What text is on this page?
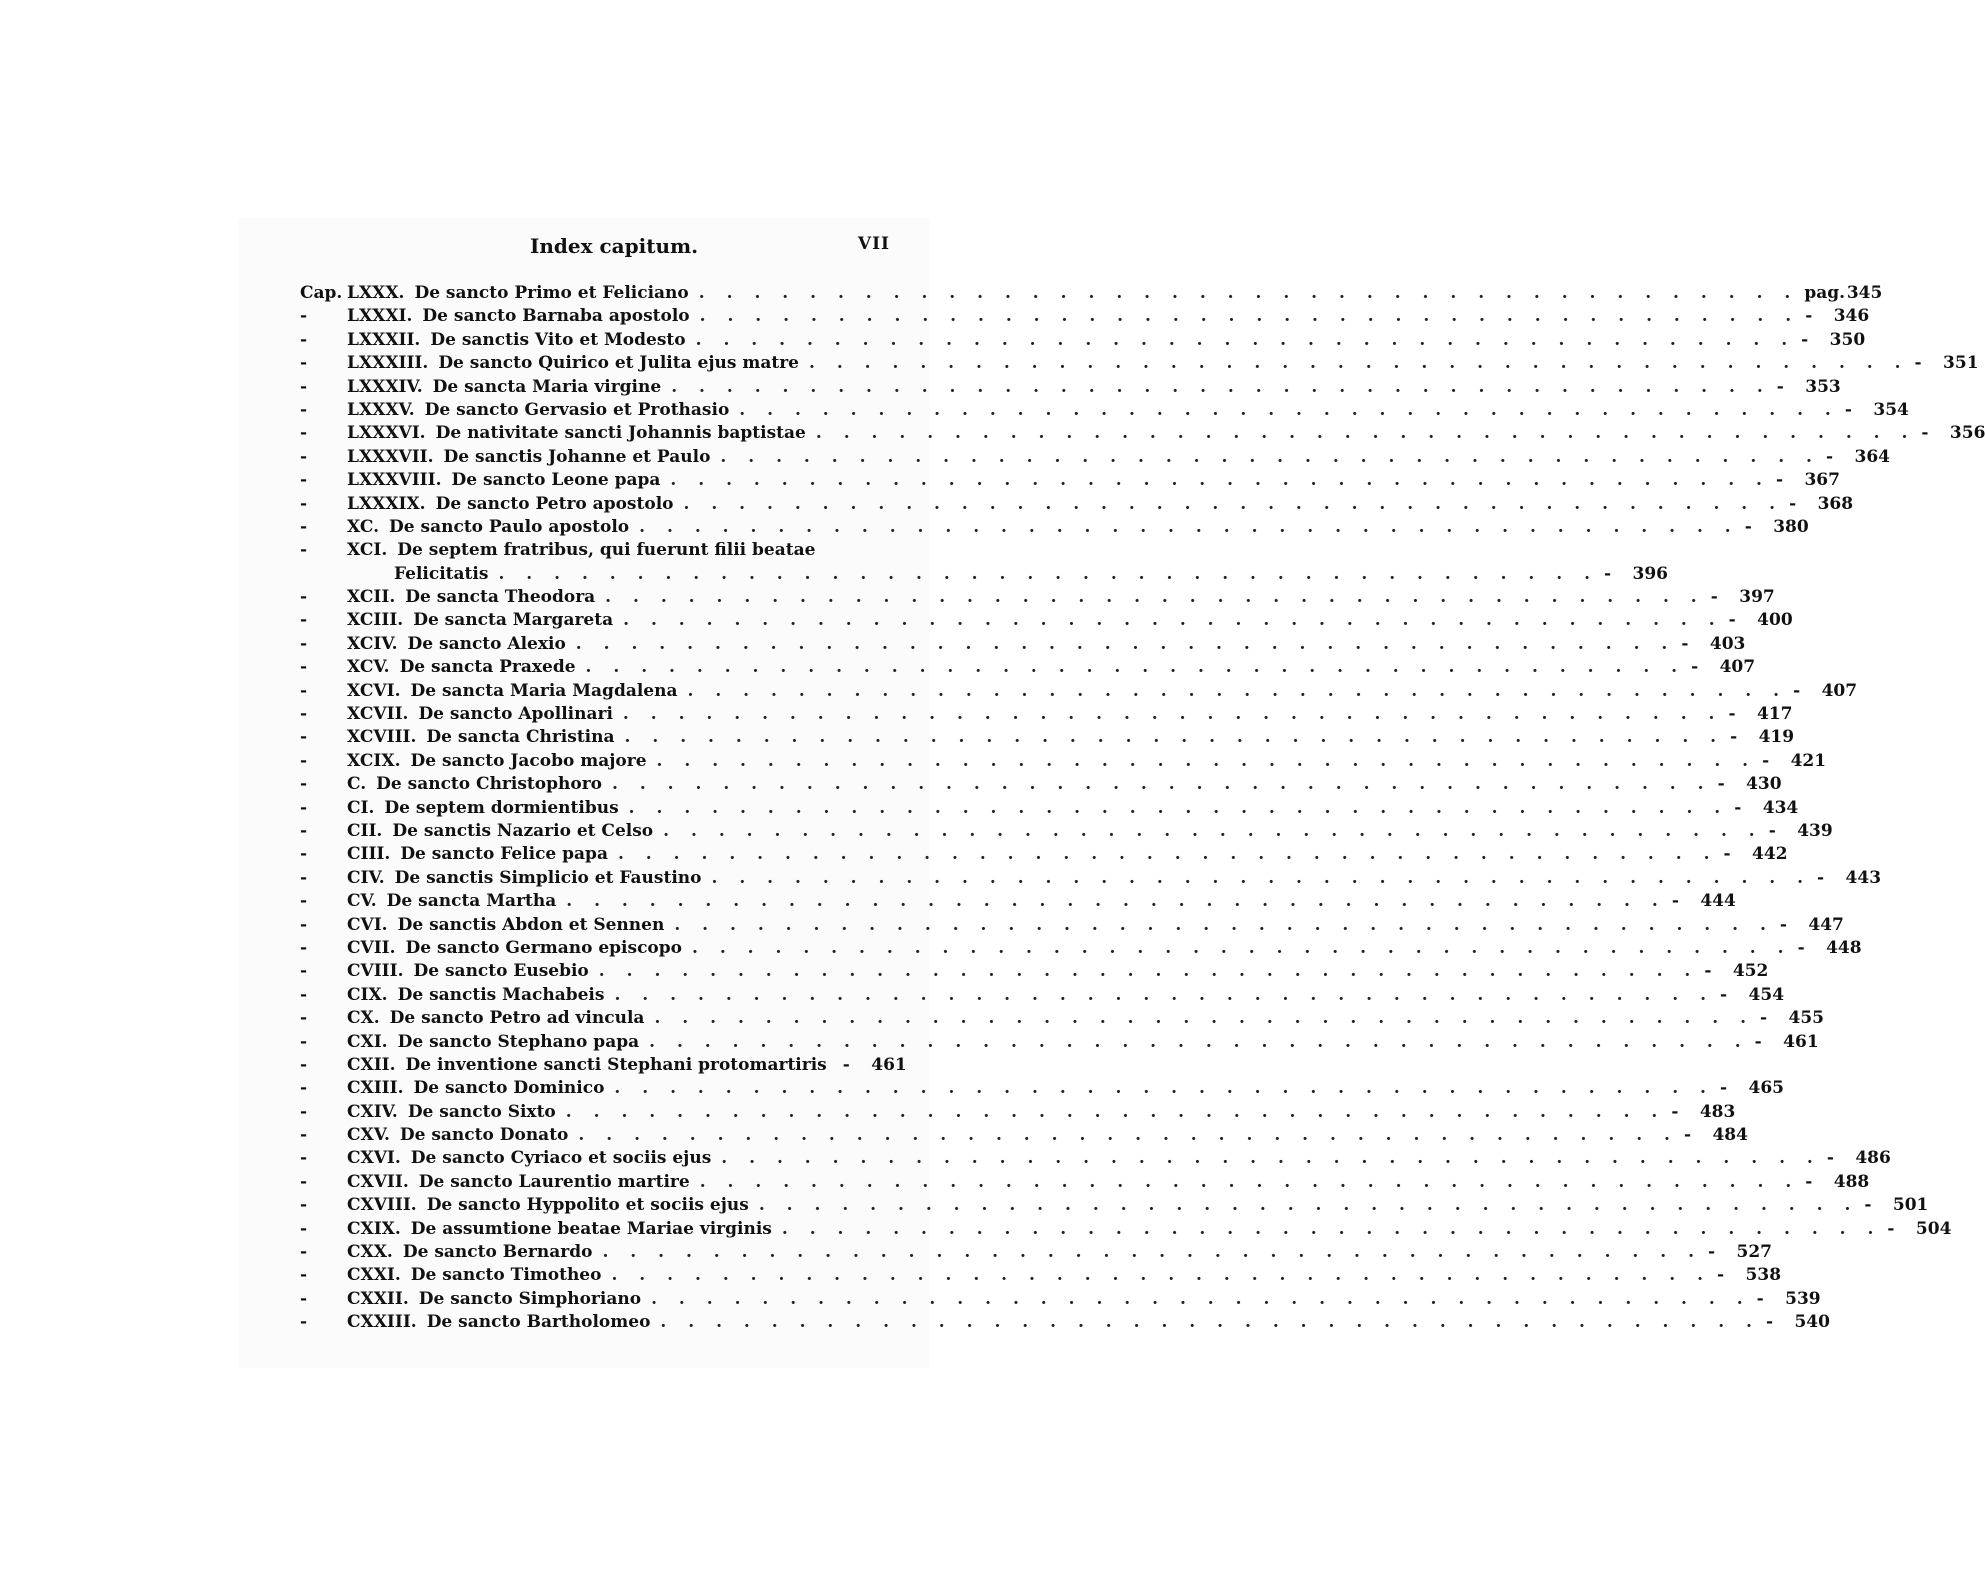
Index capitum.	VII
Cap. LXXX. De sancto Primo et Feliciano . . . . . . . . . . . . . . . . . . . . . . . . . . . . . . . . . . . . . . . . pag. 345
- LXXXI. De sancto Barnaba apostolo . . . . . . . . . . . . . . . . . . . . . . . . . . . . . . . . . . . . . . . . -	346
- LXXXII. De sanctis Vito et Modesto . . . . . . . . . . . . . . . . . . . . . . . . . . . . . . . . . . . . . . . . -	350
- LXXXIII. De sancto Quirico et Julita ejus matre . . . . . . . . . . . . . . . . . . . . . . . . . . . . . . . . . . . . . . . . -	351
- LXXXIV. De sancta Maria virgine . . . . . . . . . . . . . . . . . . . . . . . . . . . . . . . . . . . . . . . . -	353
- LXXXV. De sancto Gervasio et Prothasio . . . . . . . . . . . . . . . . . . . . . . . . . . . . . . . . . . . . . . . . -	354
- LXXXVI. De nativitate sancti Johannis baptistae . . . . . . . . . . . . . . . . . . . . . . . . . . . . . . . . . . . . . . . . -	356
- LXXXVII. De sanctis Johanne et Paulo . . . . . . . . . . . . . . . . . . . . . . . . . . . . . . . . . . . . . . . . -	364
- LXXXVIII. De sancto Leone papa . . . . . . . . . . . . . . . . . . . . . . . . . . . . . . . . . . . . . . . . -	367
- LXXXIX. De sancto Petro apostolo . . . . . . . . . . . . . . . . . . . . . . . . . . . . . . . . . . . . . . . . -	368
- XC. De sancto Paulo apostolo . . . . . . . . . . . . . . . . . . . . . . . . . . . . . . . . . . . . . . . . -	380
- XCI. De septem fratribus, qui fuerunt filii beatae
Felicitatis . . . . . . . . . . . . . . . . . . . . . . . . . . . . . . . . . . . . . . . . -	396
- XCII. De sancta Theodora . . . . . . . . . . . . . . . . . . . . . . . . . . . . . . . . . . . . . . . . -	397
- XCIII. De sancta Margareta . . . . . . . . . . . . . . . . . . . . . . . . . . . . . . . . . . . . . . . . -	400
- XCIV. De sancto Alexio . . . . . . . . . . . . . . . . . . . . . . . . . . . . . . . . . . . . . . . . -	403
- XCV. De sancta Praxede . . . . . . . . . . . . . . . . . . . . . . . . . . . . . . . . . . . . . . . . -	407
- XCVI. De sancta Maria Magdalena . . . . . . . . . . . . . . . . . . . . . . . . . . . . . . . . . . . . . . . . -	407
- XCVII. De sancto Apollinari . . . . . . . . . . . . . . . . . . . . . . . . . . . . . . . . . . . . . . . . -	417
- XCVIII. De sancta Christina . . . . . . . . . . . . . . . . . . . . . . . . . . . . . . . . . . . . . . . . -	419
- XCIX. De sancto Jacobo majore . . . . . . . . . . . . . . . . . . . . . . . . . . . . . . . . . . . . . . . . -	421
- C. De sancto Christophoro . . . . . . . . . . . . . . . . . . . . . . . . . . . . . . . . . . . . . . . . -	430
- CI. De septem dormientibus . . . . . . . . . . . . . . . . . . . . . . . . . . . . . . . . . . . . . . . . -	434
- CII. De sanctis Nazario et Celso . . . . . . . . . . . . . . . . . . . . . . . . . . . . . . . . . . . . . . . . -	439
- CIII. De sancto Felice papa . . . . . . . . . . . . . . . . . . . . . . . . . . . . . . . . . . . . . . . . -	442
- CIV. De sanctis Simplicio et Faustino . . . . . . . . . . . . . . . . . . . . . . . . . . . . . . . . . . . . . . . . -	443
- CV. De sancta Martha . . . . . . . . . . . . . . . . . . . . . . . . . . . . . . . . . . . . . . . . -	444
- CVI. De sanctis Abdon et Sennen . . . . . . . . . . . . . . . . . . . . . . . . . . . . . . . . . . . . . . . . -	447
- CVII. De sancto Germano episcopo . . . . . . . . . . . . . . . . . . . . . . . . . . . . . . . . . . . . . . . . -	448
- CVIII. De sancto Eusebio . . . . . . . . . . . . . . . . . . . . . . . . . . . . . . . . . . . . . . . . -	452
- CIX. De sanctis Machabeis . . . . . . . . . . . . . . . . . . . . . . . . . . . . . . . . . . . . . . . . -	454
- CX. De sancto Petro ad vincula . . . . . . . . . . . . . . . . . . . . . . . . . . . . . . . . . . . . . . . . -	455
- CXI. De sancto Stephano papa . . . . . . . . . . . . . . . . . . . . . . . . . . . . . . . . . . . . . . . . -	461
- CXII. De inventione sancti Stephani protomartiris -	461
- CXIII. De sancto Dominico . . . . . . . . . . . . . . . . . . . . . . . . . . . . . . . . . . . . . . . . -	465
- CXIV. De sancto Sixto . . . . . . . . . . . . . . . . . . . . . . . . . . . . . . . . . . . . . . . . -	483
- CXV. De sancto Donato . . . . . . . . . . . . . . . . . . . . . . . . . . . . . . . . . . . . . . . . -	484
- CXVI. De sancto Cyriaco et sociis ejus . . . . . . . . . . . . . . . . . . . . . . . . . . . . . . . . . . . . . . . . -	486
- CXVII. De sancto Laurentio martire . . . . . . . . . . . . . . . . . . . . . . . . . . . . . . . . . . . . . . . . -	488
- CXVIII. De sancto Hyppolito et sociis ejus . . . . . . . . . . . . . . . . . . . . . . . . . . . . . . . . . . . . . . . . -	501
- CXIX. De assumtione beatae Mariae virginis . . . . . . . . . . . . . . . . . . . . . . . . . . . . . . . . . . . . . . . . -	504
- CXX. De sancto Bernardo . . . . . . . . . . . . . . . . . . . . . . . . . . . . . . . . . . . . . . . . -	527
- CXXI. De sancto Timotheo . . . . . . . . . . . . . . . . . . . . . . . . . . . . . . . . . . . . . . . . -	538
- CXXII. De sancto Simphoriano . . . . . . . . . . . . . . . . . . . . . . . . . . . . . . . . . . . . . . . . -	539
- CXXIII. De sancto Bartholomeo . . . . . . . . . . . . . . . . . . . . . . . . . . . . . . . . . . . . . . . . -	540
